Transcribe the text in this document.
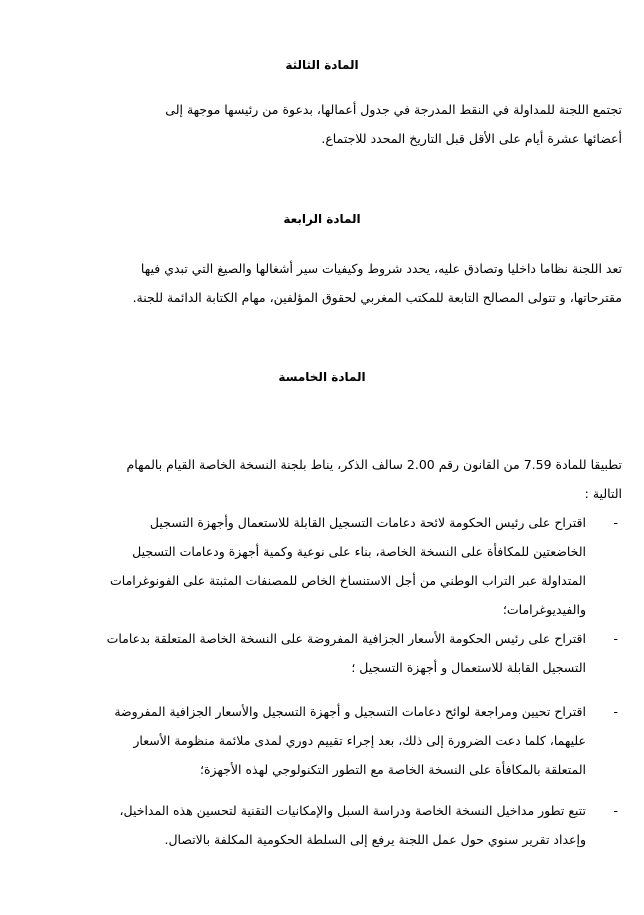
المادة الثالثة
تجتمع اللجنة للمداولة في النقط المدرجة في جدول أعمالها، بدعوة من رئيسها موجهة إلى
أعضائها عشرة أيام على الأقل قبل التاريخ المحدد للاجتماع.
المادة الرابعة
تعد اللجنة نظاما داخليا وتصادق عليه، يحدد شروط وكيفيات سير أشغالها والصيغ التي تبدي فيها
مقترحاتها، و تتولى المصالح التابعة للمكتب المغربي لحقوق المؤلفين، مهام الكتابة الدائمة للجنة.
المادة الخامسة
تطبيقا للمادة 7.59 من القانون رقم 2.00 سالف الذكر، يناط بلجنة النسخة الخاصة القيام بالمهام
التالية :
-
اقتراح على رئيس الحكومة لائحة دعامات التسجيل القابلة للاستعمال وأجهزة التسجيل
الخاضعتين للمكافأة على النسخة الخاصة، بناء على نوعية وكمية أجهزة ودعامات التسجيل
المتداولة عبر التراب الوطني من أجل الاستنساخ الخاص للمصنفات المثبتة على الفونوغرامات
والفيديوغرامات؛
-
اقتراح على رئيس الحكومة الأسعار الجزافية المفروضة على النسخة الخاصة المتعلقة بدعامات
التسجيل القابلة للاستعمال و أجهزة التسجيل ؛
-
اقتراح تحيين ومراجعة لوائح دعامات التسجيل و أجهزة التسجيل والأسعار الجزافية المفروضة
عليهما، كلما دعت الضرورة إلى ذلك، بعد إجراء تقييم دوري لمدى ملائمة منظومة الأسعار
المتعلقة بالمكافأة على النسخة الخاصة مع التطور التكنولوجي لهذه الأجهزة؛
-
تتبع تطور مداخيل النسخة الخاصة ودراسة السبل والإمكانيات التقنية لتحسين هذه المداخيل،
وإعداد تقرير سنوي حول عمل اللجنة يرفع إلى السلطة الحكومية المكلفة بالاتصال.
